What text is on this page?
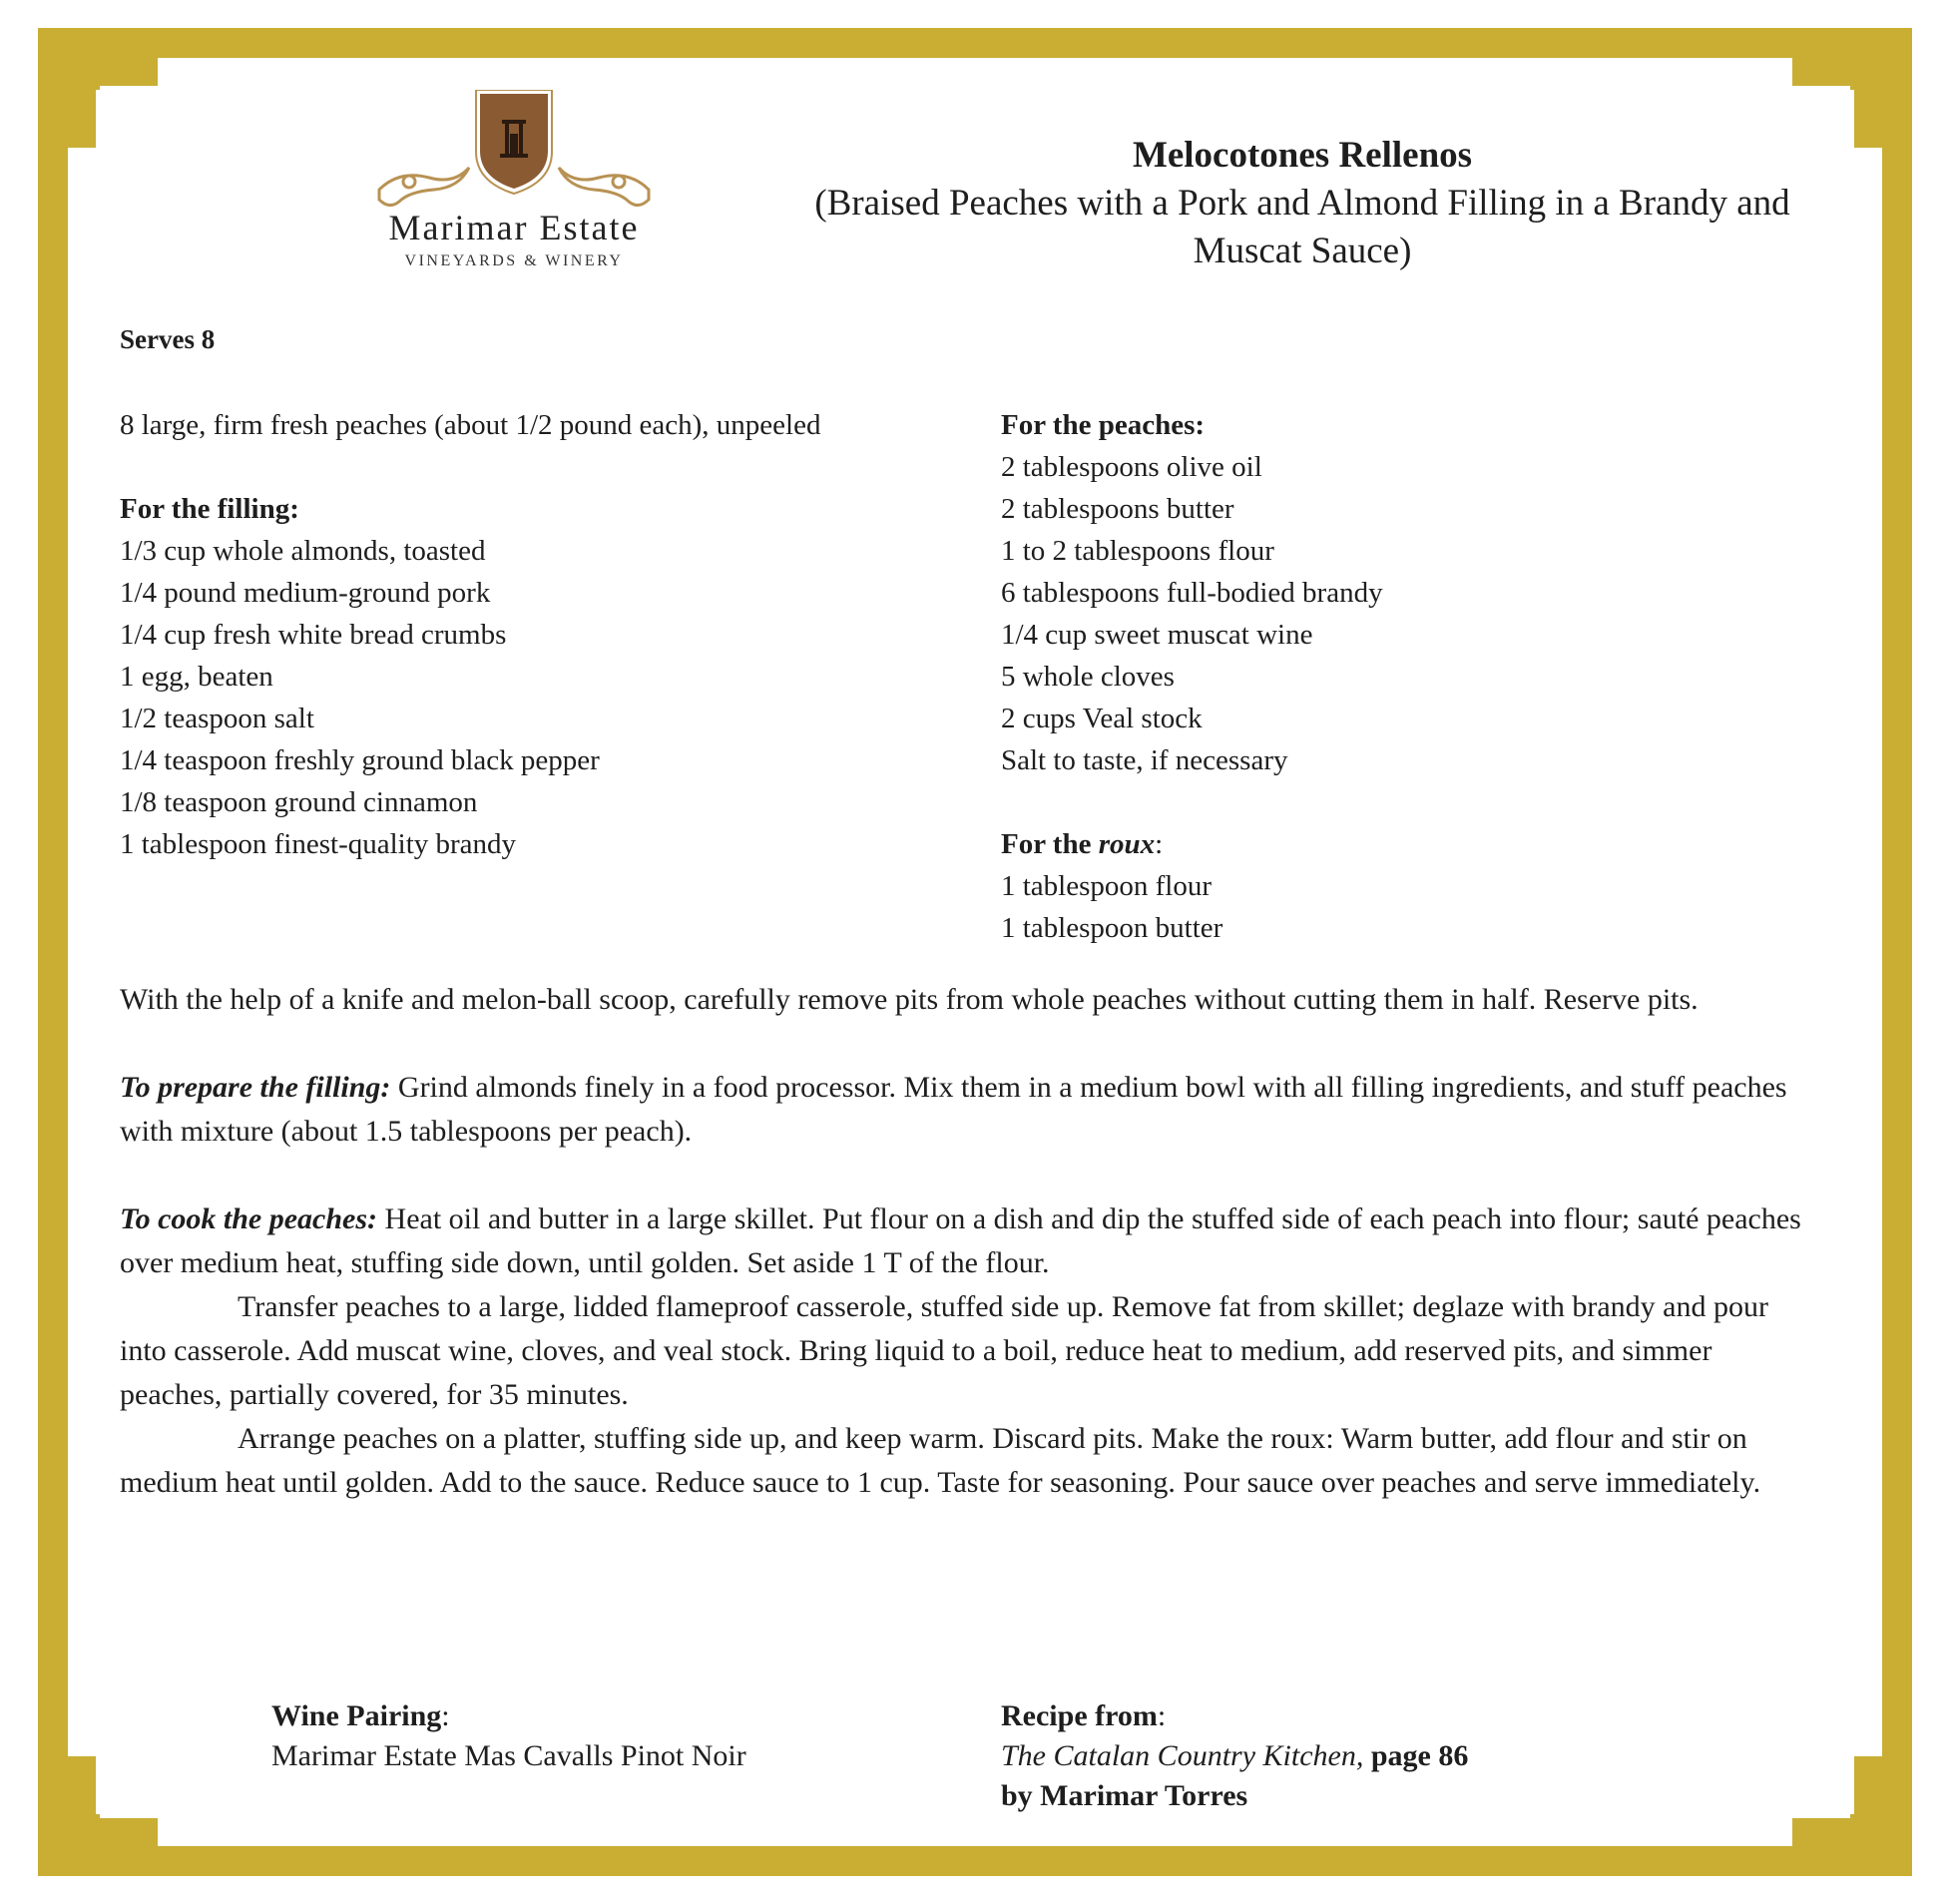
Marimar Estate
VINEYARDS & WINERY
Melocotones Rellenos
(Braised Peaches with a Pork and Almond Filling in a Brandy and Muscat Sauce)
Serves 8
8 large, firm fresh peaches (about 1/2 pound each), unpeeled
For the filling:
1/3 cup whole almonds, toasted
1/4 pound medium-ground pork
1/4 cup fresh white bread crumbs
1 egg, beaten
1/2 teaspoon salt
1/4 teaspoon freshly ground black pepper
1/8 teaspoon ground cinnamon
1 tablespoon finest-quality brandy
For the peaches:
2 tablespoons olive oil
2 tablespoons butter
1 to 2 tablespoons flour
6 tablespoons full-bodied brandy
1/4 cup sweet muscat wine
5 whole cloves
2 cups Veal stock
Salt to taste, if necessary
For the roux:
1 tablespoon flour
1 tablespoon butter

With the help of a knife and melon-ball scoop, carefully remove pits from whole peaches without cutting them in half. Reserve pits.

To prepare the filling: Grind almonds finely in a food processor. Mix them in a medium bowl with all filling ingredients, and stuff peaches with mixture (about 1.5 tablespoons per peach).

To cook the peaches: Heat oil and butter in a large skillet. Put flour on a dish and dip the stuffed side of each peach into flour; sauté peaches over medium heat, stuffing side down, until golden. Set aside 1 T of the flour.

Transfer peaches to a large, lidded flameproof casserole, stuffed side up. Remove fat from skillet; deglaze with brandy and pour into casserole. Add muscat wine, cloves, and veal stock. Bring liquid to a boil, reduce heat to medium, add reserved pits, and simmer peaches, partially covered, for 35 minutes.

Arrange peaches on a platter, stuffing side up, and keep warm. Discard pits. Make the roux: Warm butter, add flour and stir on medium heat until golden. Add to the sauce. Reduce sauce to 1 cup. Taste for seasoning. Pour sauce over peaches and serve immediately.

Wine Pairing:
Marimar Estate Mas Cavalls Pinot Noir
Recipe from:
The Catalan Country Kitchen, page 86
by Marimar Torres
